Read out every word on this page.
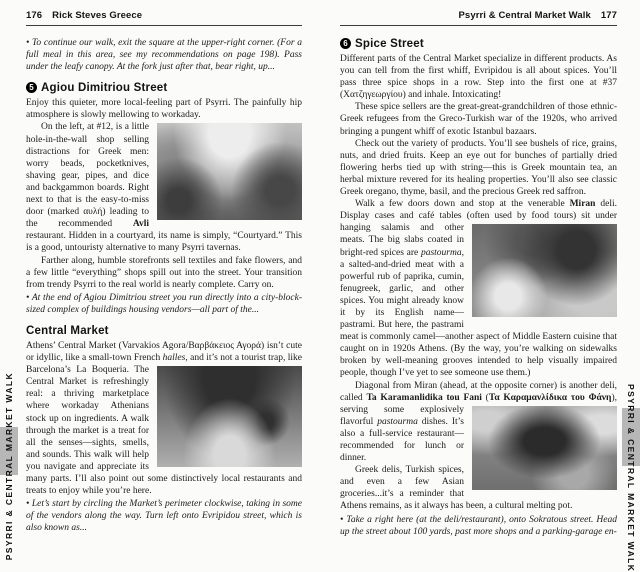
176 Rick Steves Greece

• To continue our walk, exit the square at the upper-right corner. (For a full meal in this area, see my recommendations on page 198). Pass under the leafy canopy. At the fork just after that, bear right, up...

5 Agiou Dimitriou Street

Enjoy this quieter, more local-feeling part of Psyrri. The painfully hip atmosphere is slowly mellowing to workaday.

On the left, at #12, is a little hole-in-the-wall shop selling distractions for Greek men: worry beads, pocketknives, shaving gear, pipes, and dice and backgammon boards. Right next to that is the easy-to-miss door (marked αυλή) leading to the recommended Avli restaurant. Hidden in a courtyard, its name is simply, “Courtyard.” This is a good, untouristy alternative to many Psyrri tavernas.

Farther along, humble storefronts sell textiles and fake flowers, and a few little “everything” shops spill out into the street. Your transition from trendy Psyrri to the real world is nearly complete. Carry on.

• At the end of Agiou Dimitriou street you run directly into a city-block-sized complex of buildings housing vendors—all part of the...

Central Market

Athens’ Central Market (Varvakios Agora/Βαρβάκειος Αγορά) isn’t cute or idyllic, like a small-town French halles, and it’s not a
tourist trap, like Barcelona’s La Boqueria. The Central Market is refreshingly real: a thriving marketplace where workaday Athenians stock up on ingredients. A walk through the market is a treat for all the senses—sights, smells, and sounds. This walk will help you navigate and appreciate its many parts. I’ll also point out some distinctively local restaurants and treats to enjoy while you’re here.

• Let’s start by circling the Market’s perimeter clockwise, taking in some of the vendors along the way. Turn left onto Evripidou street, which is also known as...

PSYRRI & CENTRAL MARKET WALK
Psyrri & Central Market Walk 177
6 Spice Street

Different parts of the Central Market specialize in different products. As you can tell from the first whiff, Evripidou is all about spices. You’ll pass three spice shops in a row. Step into the first one at #37 (Χατζηγεωργίου) and inhale. Intoxicating!

These spice sellers are the great-great-grandchildren of those ethnic-Greek refugees from the Greco-Turkish war of the 1920s, who arrived bringing a pungent whiff of exotic Istanbul bazaars.

Check out the variety of products. You’ll see bushels of rice, grains, nuts, and dried fruits. Keep an eye out for bunches of partially dried flowering herbs tied up with string—this is Greek mountain tea, an herbal mixture revered for its healing properties. You’ll also see classic Greek oregano, thyme, basil, and the precious Greek red saffron.

Walk a few doors down and stop at the venerable Miran deli. Display cases and café tables (often used by food tours) sit under
hanging salamis and other meats. The big slabs coated in bright-red spices are pastourma, a salted-and-dried meat with a powerful rub of paprika, cumin, fenugreek, garlic, and other spices. You might already know it by its English name—pastrami. But here, the pastrami meat is commonly camel—another aspect of Middle Eastern cuisine that caught on in 1920s Athens. (By the way, you’re walking on sidewalks broken by well-meaning grooves intended to help visually impaired people, though I’ve yet to see someone use them.)

Diagonal from Miran (ahead, at the opposite corner) is another deli, called Ta Karamanlidika tou Fani (Τα Καραμανλίδικα
του Φάνη), serving some explosively flavorful pastourma dishes. It’s also a full-service restaurant—recommended for lunch or dinner.

Greek delis, Turkish spices, and even a few Asian groceries...it’s a reminder that Athens remains, as it always has been, a cultural melting pot.

• Take a right here (at the deli/restaurant), onto Sokratous street. Head up the street about 100 yards, past more shops and a parking-garage en- PSYRRI & CENTRAL MARKET WALK
